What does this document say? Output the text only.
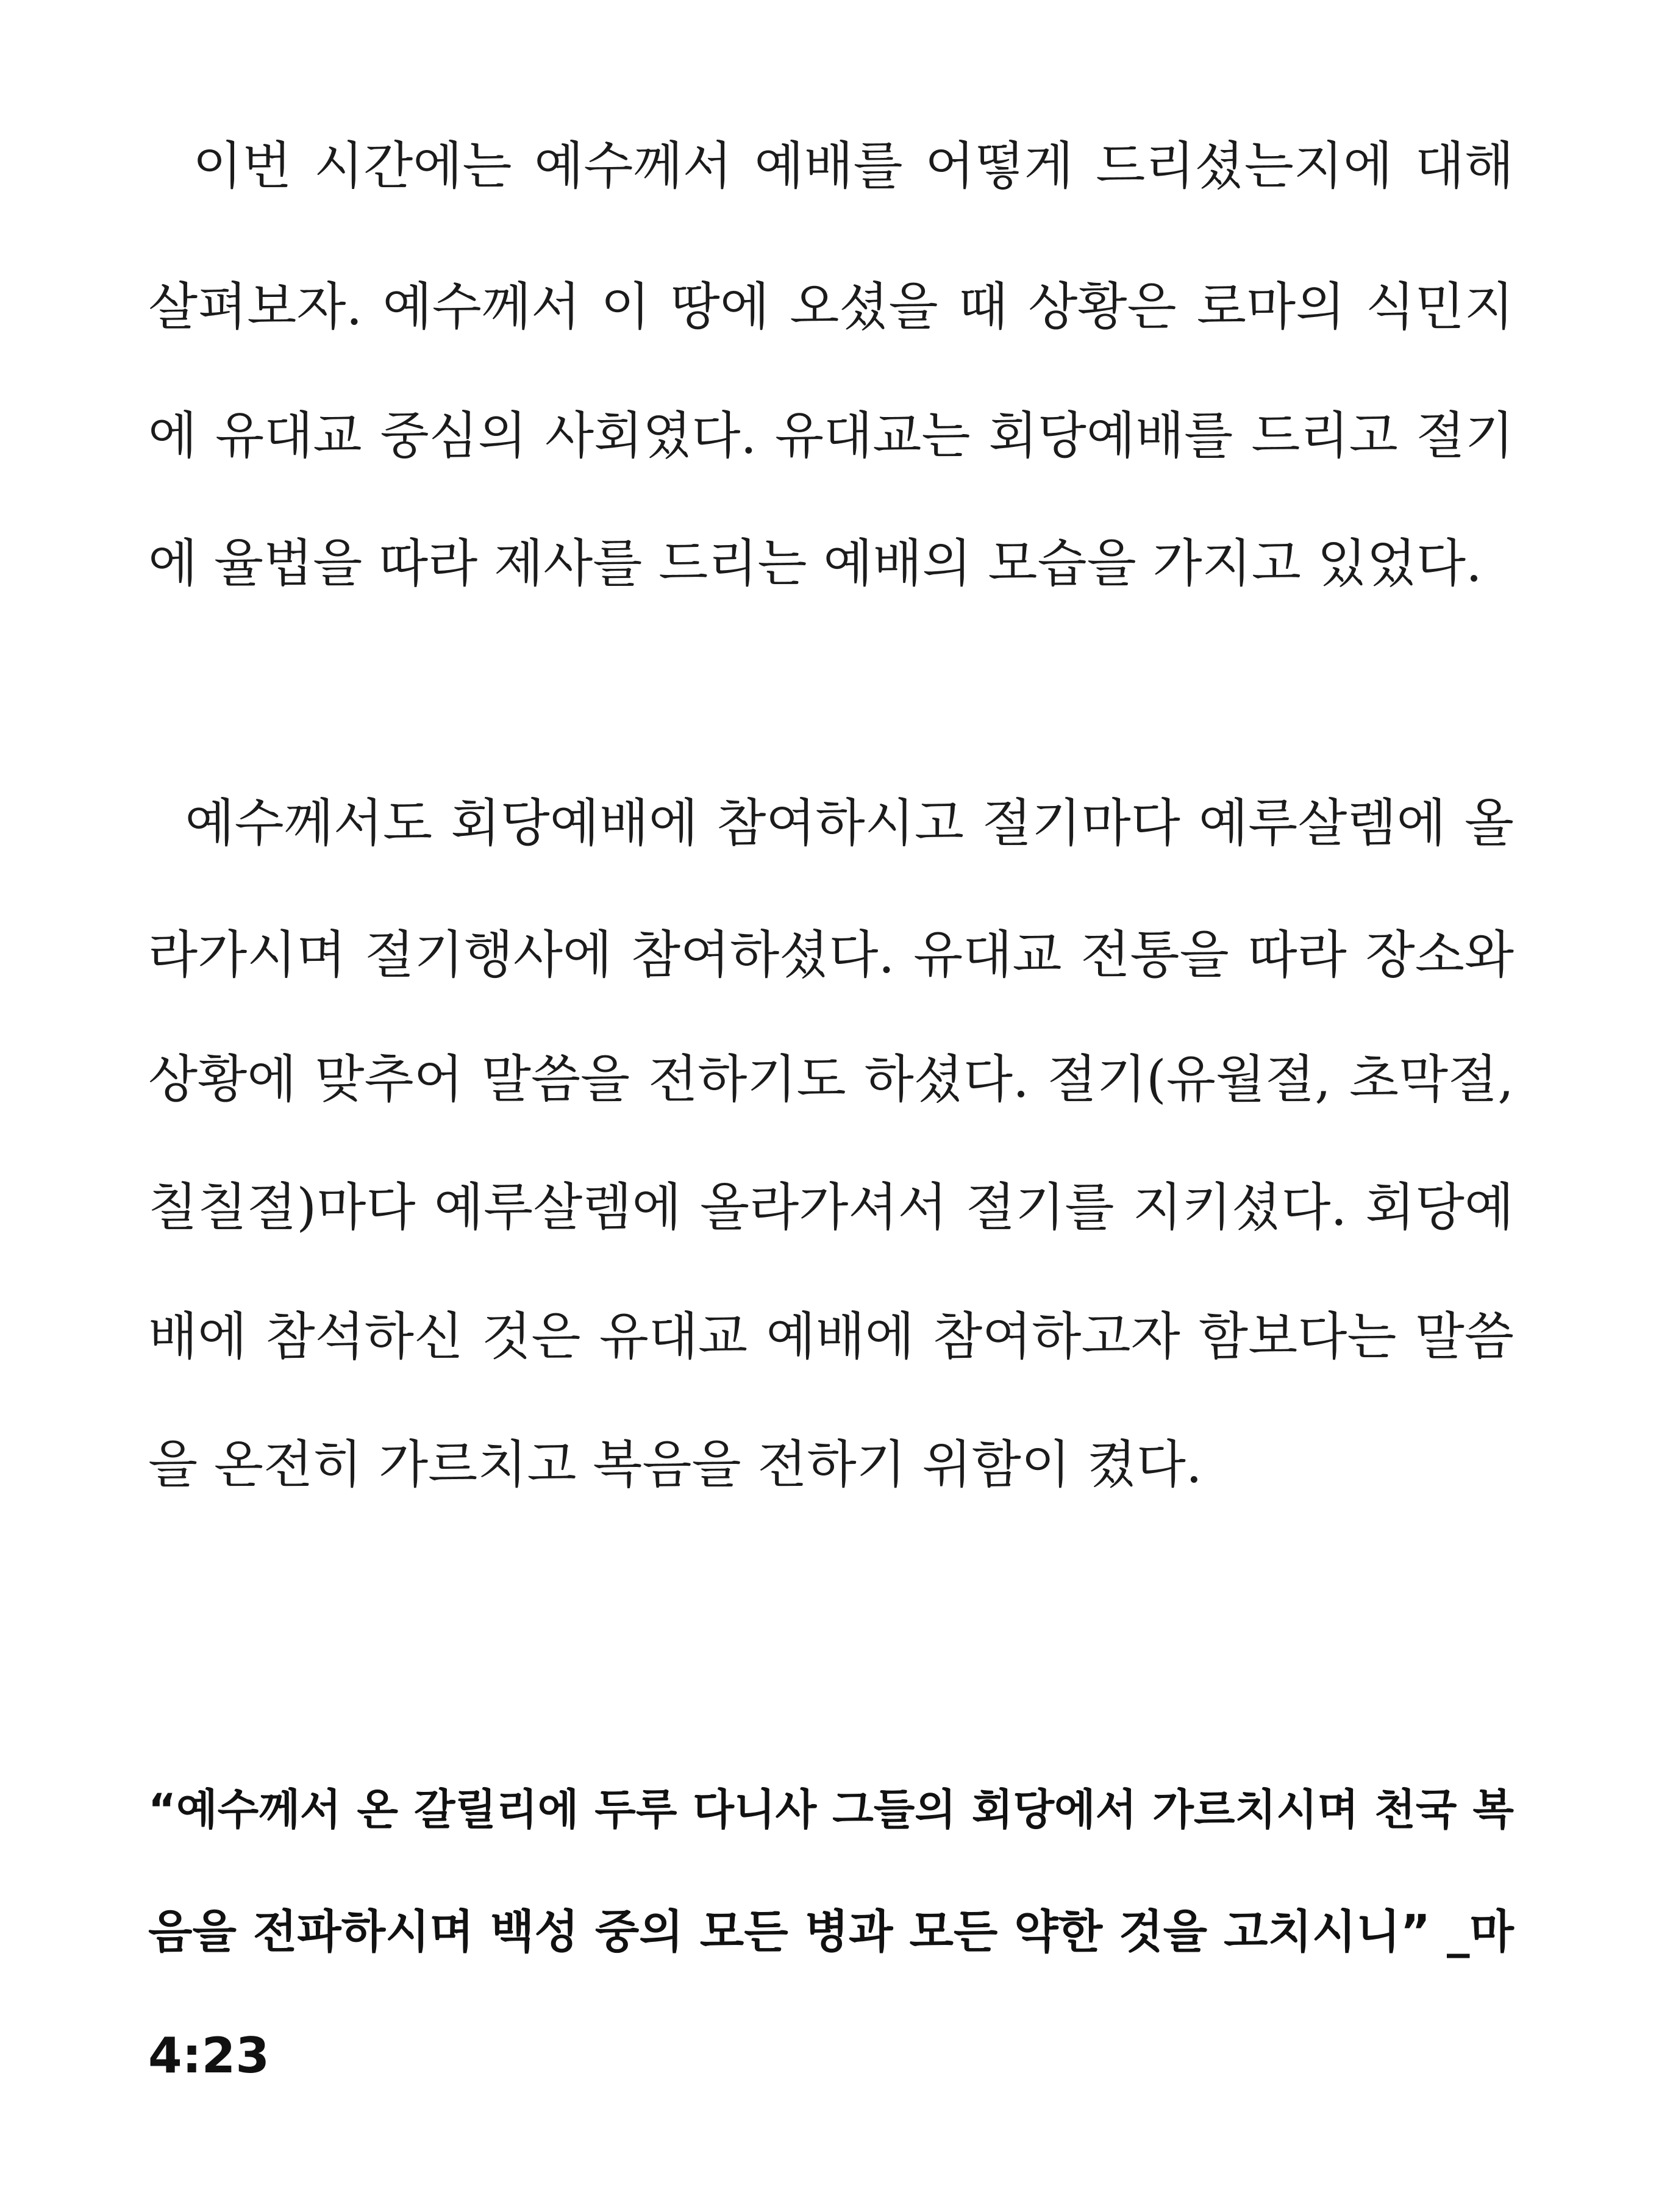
이번 시간에는 예수께서 예배를 어떻게 드리셨는지에 대해
살펴보자. 예수께서 이 땅에 오셨을 때 상황은 로마의 식민지
에 유대교 중심의 사회였다. 유대교는 회당예배를 드리고 절기
에 율법을 따라 제사를 드리는 예배의 모습을 가지고 있었다.
예수께서도 회당예배에 참여하시고 절기마다 예루살렘에 올
라가시며 절기행사에 참여하셨다. 유대교 전통을 따라 장소와
상황에 맞추어 말씀을 전하기도 하셨다. 절기(유월절, 초막절,
칠칠절)마다 예루살렘에 올라가셔서 절기를 지키셨다. 회당예
배에 참석하신 것은 유대교 예배에 참여하고자 함보다는 말씀
을 온전히 가르치고 복음을 전하기 위함이 켰다.
“예수께서 온 갈릴리에 두루 다니사 그들의 회당에서 가르치시며 천국 복
음을 전파하시며 백성 중의 모든 병과 모든 약한 것을 고치시니” _마
4:23
